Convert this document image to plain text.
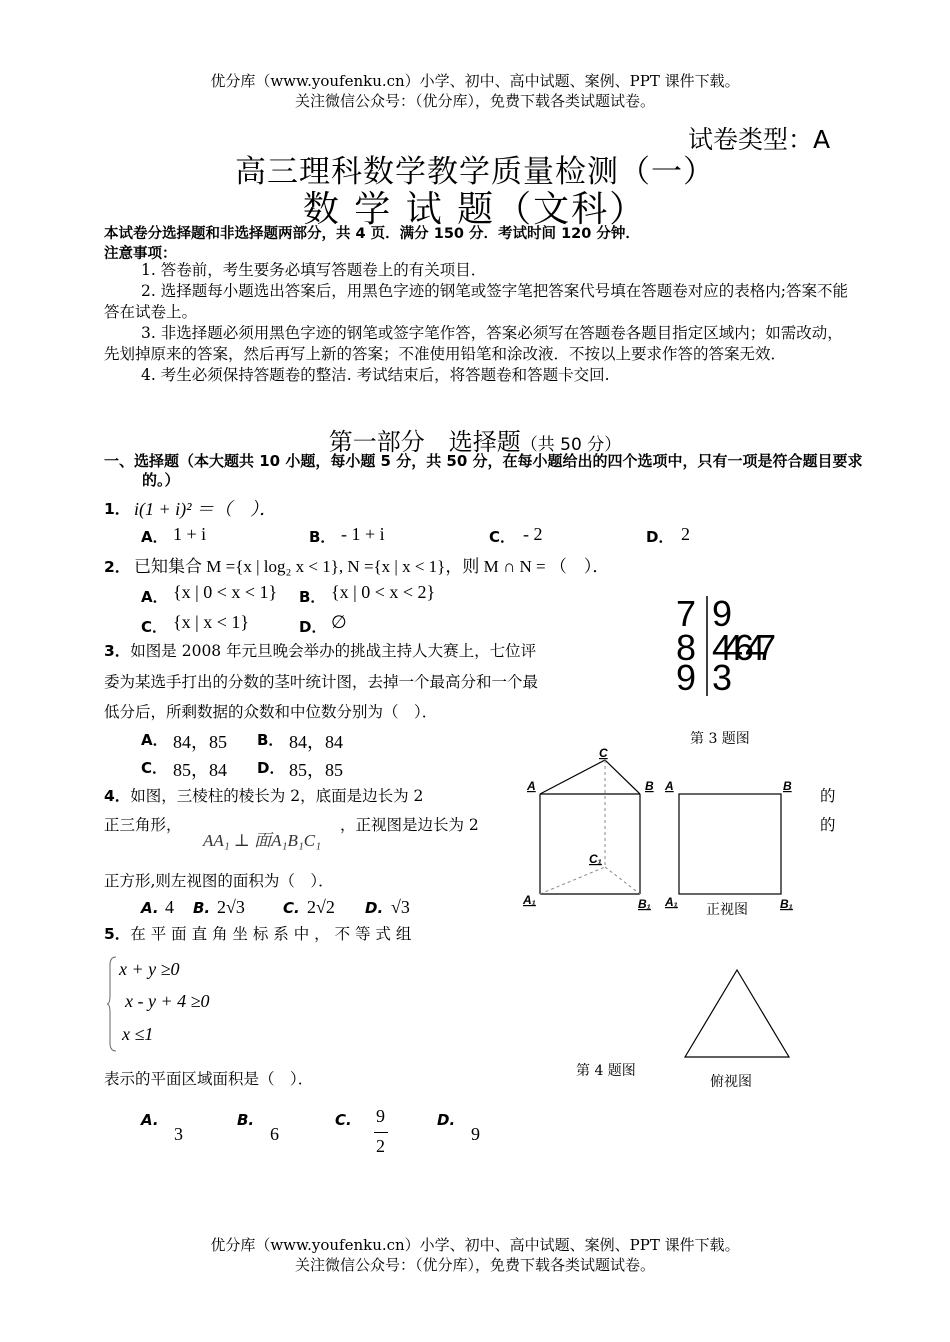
优分库（www.youfenku.cn）小学、初中、高中试题、案例、PPT 课件下载。
关注微信公众号：（优分库），免费下载各类试题试卷。
试卷类型：A
高三理科数学教学质量检测（一）
数 学 试 题（文科）
本试卷分选择题和非选择题两部分，共 4 页．满分 150 分．考试时间 120 分钟．
注意事项：
1. 答卷前，考生要务必填写答题卷上的有关项目．
2. 选择题每小题选出答案后，用黑色字迹的钢笔或签字笔把答案代号填在答题卷对应的表格内;答案不能答在试卷上。
3. 非选择题必须用黑色字迹的钢笔或签字笔作答，答案必须写在答题卷各题目指定区域内；如需改动，先划掉原来的答案，然后再写上新的答案；不准使用铅笔和涂改液．不按以上要求作答的答案无效．
4. 考生必须保持答题卷的整洁. 考试结束后，将答题卷和答题卡交回.
第一部分　选择题（共 50 分）
一、选择题（本大题共 10 小题，每小题 5 分，共 50 分，在每小题给出的四个选项中，只有一项是符合题目要求的。）
1． i(1 + i)² ＝（　）．
A． 1 + i	B． - 1 + i	C． - 2	D． 2
2． 已知集合 M ={x | log₂ x < 1}, N ={x | x < 1}，则 M ∩ N = （　）．
A． {x | 0 < x < 1} B． {x | 0 < x < 2}
C． {x | x < 1}	D． ∅	7 9
8 44647
9 3
第 3 题图
3．如图是 2008 年元旦晚会举办的挑战主持人大赛上，七位评
委为某选手打出的分数的茎叶统计图，去掉一个最高分和一个最
低分后，所剩数据的众数和中位数分别为（　）．
A． 84，85 B． 84，84
C． 85，84 D． 85，85
C
A	B
C₁
A₁	B₁
A	B
A₁	B₁
正视图
第 4 题图
俯视图
4．如图，三棱柱的棱长为 2，底面是边长为 2	的
正三角形，
AA₁ ⊥ 面A₁B₁C₁
，正视图是边长为 2	的
正方形,则左视图的面积为（　）．
A. 4 B. 2√3	C. 2√2 D. √3
5．在 平 面 直 角 坐 标 系 中 ， 不 等 式 组
x + y ≥0
x - y + 4 ≥0
x ≤1
表示的平面区域面积是（　）．
A.
3
B.
6
C. 9
2
D.
9
优分库（www.youfenku.cn）小学、初中、高中试题、案例、PPT 课件下载。
关注微信公众号：（优分库），免费下载各类试题试卷。
